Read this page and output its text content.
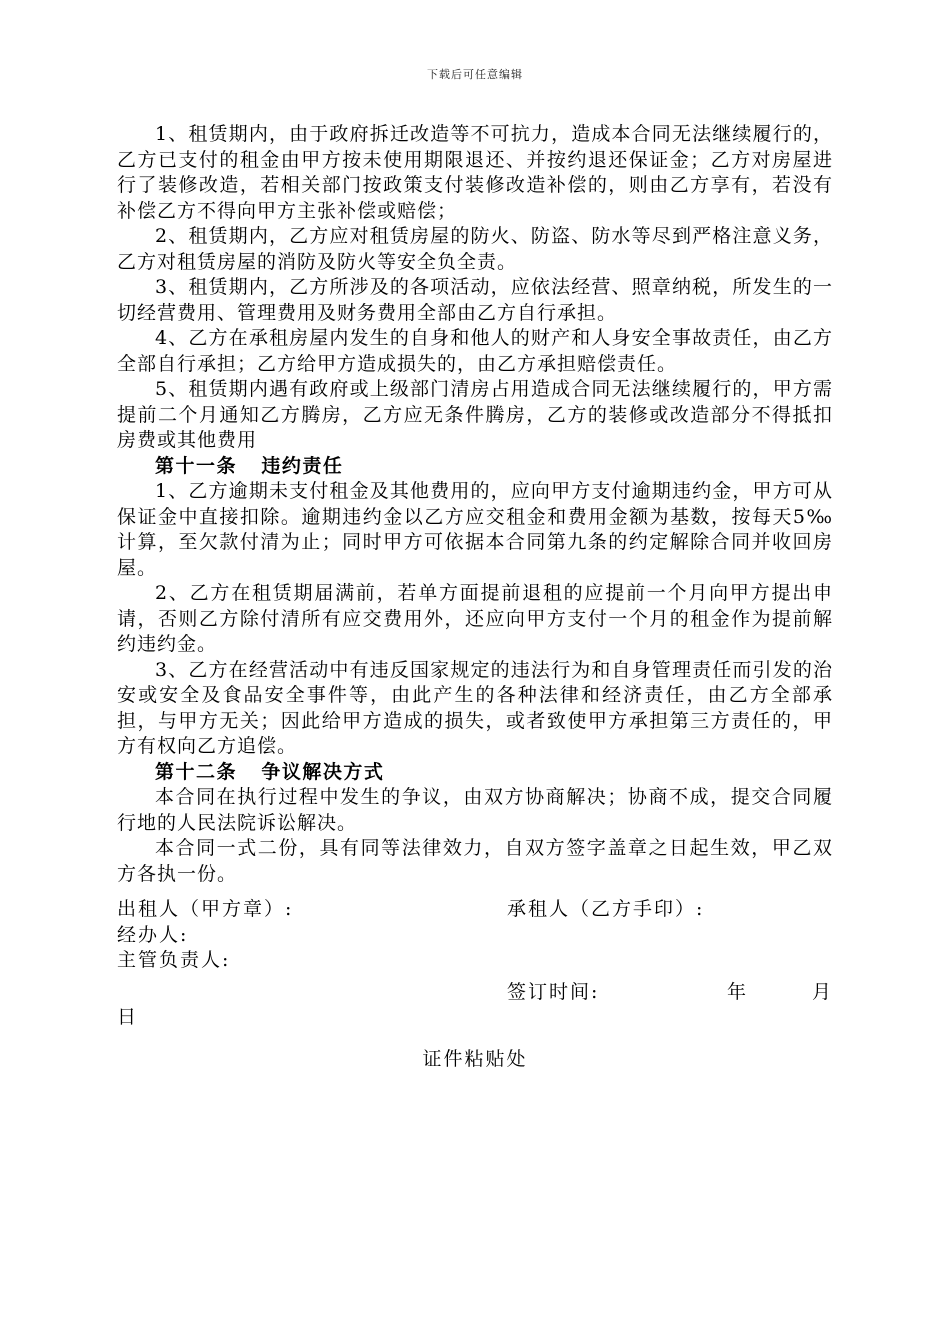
下载后可任意编辑

1、租赁期内，由于政府拆迁改造等不可抗力，造成本合同无法继续履行的，乙方已支付的租金由甲方按未使用期限退还、并按约退还保证金；乙方对房屋进行了装修改造，若相关部门按政策支付装修改造补偿的，则由乙方享有，若没有补偿乙方不得向甲方主张补偿或赔偿；

2、租赁期内，乙方应对租赁房屋的防火、防盗、防水等尽到严格注意义务，乙方对租赁房屋的消防及防火等安全负全责。

3、租赁期内，乙方所涉及的各项活动，应依法经营、照章纳税，所发生的一切经营费用、管理费用及财务费用全部由乙方自行承担。

4、乙方在承租房屋内发生的自身和他人的财产和人身安全事故责任，由乙方全部自行承担；乙方给甲方造成损失的，由乙方承担赔偿责任。

5、租赁期内遇有政府或上级部门清房占用造成合同无法继续履行的，甲方需提前二个月通知乙方腾房，乙方应无条件腾房，乙方的装修或改造部分不得抵扣房费或其他费用

第十一条   违约责任

1、乙方逾期未支付租金及其他费用的，应向甲方支付逾期违约金，甲方可从保证金中直接扣除。逾期违约金以乙方应交租金和费用金额为基数，按每天5‰计算，至欠款付清为止；同时甲方可依据本合同第九条的约定解除合同并收回房屋。

2、乙方在租赁期届满前，若单方面提前退租的应提前一个月向甲方提出申请，否则乙方除付清所有应交费用外，还应向甲方支付一个月的租金作为提前解约违约金。

3、乙方在经营活动中有违反国家规定的违法行为和自身管理责任而引发的治安或安全及食品安全事件等，由此产生的各种法律和经济责任，由乙方全部承担，与甲方无关；因此给甲方造成的损失，或者致使甲方承担第三方责任的，甲方有权向乙方追偿。

第十二条   争议解决方式

本合同在执行过程中发生的争议，由双方协商解决；协商不成，提交合同履行地的人民法院诉讼解决。

本合同一式二份，具有同等法律效力，自双方签字盖章之日起生效，甲乙双方各执一份。

出租人（甲方章）:	承租人（乙方手印）:
经办人:
主管负责人:
签订时间:	年	月
日
证件粘贴处
